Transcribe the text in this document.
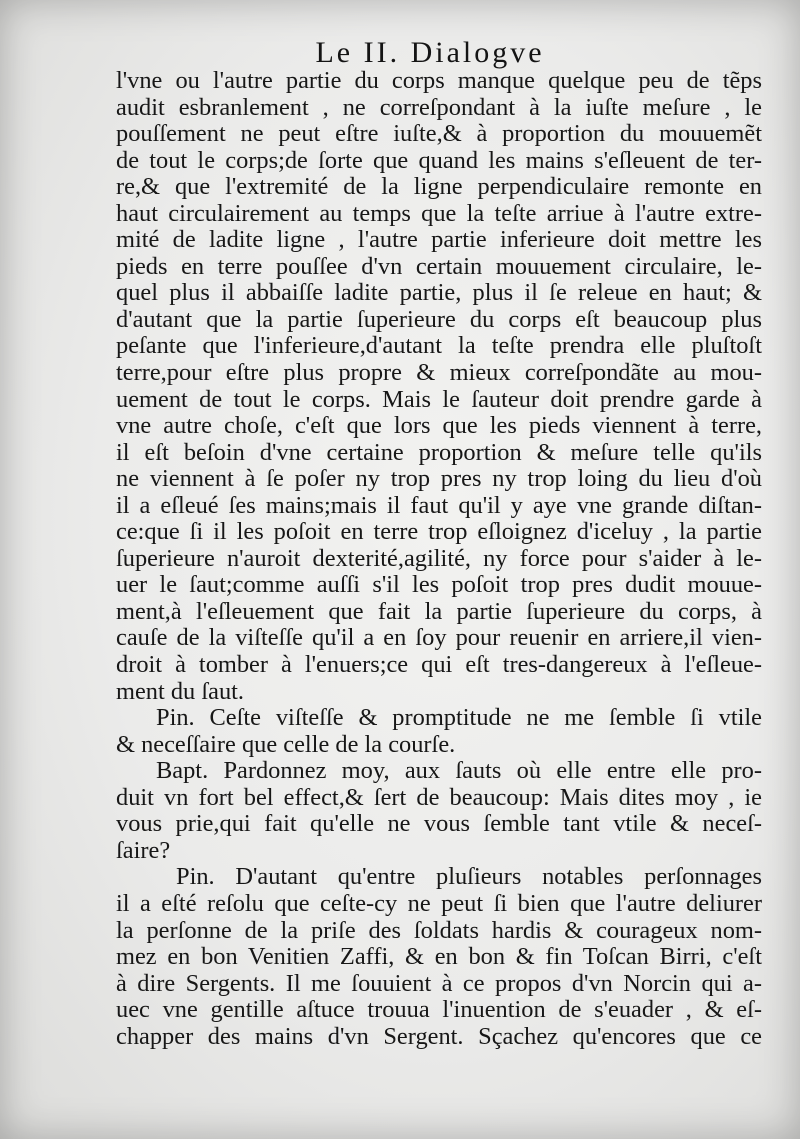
Le II. Dialogve
l'vne ou l'autre partie du corps manque quelque peu de tẽps
audit esbranlement , ne correſpondant à la iuſte meſure , le
pouſſement ne peut eſtre iuſte,& à proportion du mouuemẽt
de tout le corps;de ſorte que quand les mains s'eſleuent de ter-
re,& que l'extremité de la ligne perpendiculaire remonte en
haut circulairement au temps que la teſte arriue à l'autre extre-
mité de ladite ligne , l'autre partie inferieure doit mettre les
pieds en terre pouſſee d'vn certain mouuement circulaire, le-
quel plus il abbaiſſe ladite partie, plus il ſe releue en haut; &
d'autant que la partie ſuperieure du corps eſt beaucoup plus
peſante que l'inferieure,d'autant la teſte prendra elle pluſtoſt
terre,pour eſtre plus propre & mieux correſpondãte au mou-
uement de tout le corps. Mais le ſauteur doit prendre garde à
vne autre choſe, c'eſt que lors que les pieds viennent à terre,
il eſt beſoin d'vne certaine proportion & meſure telle qu'ils
ne viennent à ſe poſer ny trop pres ny trop loing du lieu d'où
il a eſleué ſes mains;mais il faut qu'il y aye vne grande diſtan-
ce:que ſi il les poſoit en terre trop eſloignez d'iceluy , la partie
ſuperieure n'auroit dexterité,agilité, ny force pour s'aider à le-
uer le ſaut;comme auſſi s'il les poſoit trop pres dudit mouue-
ment,à l'eſleuement que fait la partie ſuperieure du corps, à
cauſe de la viſteſſe qu'il a en ſoy pour reuenir en arriere,il vien-
droit à tomber à l'enuers;ce qui eſt tres-dangereux à l'eſleue-
ment du ſaut.
Pin. Ceſte viſteſſe & promptitude ne me ſemble ſi vtile
& neceſſaire que celle de la courſe.
Bapt. Pardonnez moy, aux ſauts où elle entre elle pro-
duit vn fort bel effect,& ſert de beaucoup: Mais dites moy , ie
vous prie,qui fait qu'elle ne vous ſemble tant vtile & neceſ-
ſaire?
Pin. D'autant qu'entre pluſieurs notables perſonnages
il a eſté reſolu que ceſte-cy ne peut ſi bien que l'autre deliurer
la perſonne de la priſe des ſoldats hardis & courageux nom-
mez en bon Venitien Zaffi, & en bon & fin Toſcan Birri, c'eſt
à dire Sergents. Il me ſouuient à ce propos d'vn Norcin qui a-
uec vne gentille aſtuce trouua l'inuention de s'euader , & eſ-
chapper des mains d'vn Sergent. Sçachez qu'encores que ce
